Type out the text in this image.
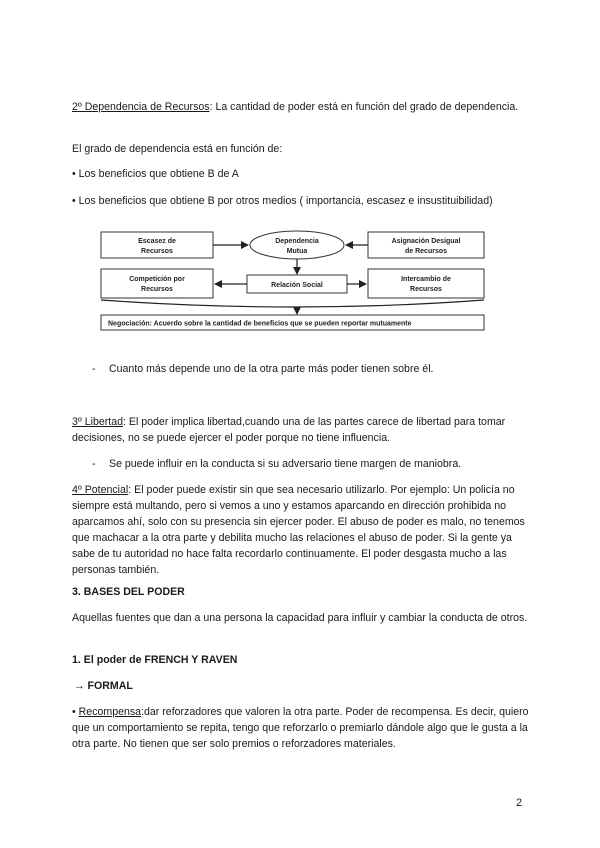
2º Dependencia de Recursos: La cantidad de poder está en función del grado de dependencia.

El grado de dependencia está en función de:

• Los beneficios que obtiene B de A

• Los beneficios que obtiene B por otros medios ( importancia, escasez e insustituibilidad)

Escasez de
Recursos
Dependencia
Mutua
Asignación Desigual
de Recursos
Competición por
Recursos
Relación Social
Intercambio de
Recursos
Negociación: Acuerdo sobre la cantidad de beneficios que se pueden reportar mutuamente
- Cuanto más depende uno de la otra parte más poder tienen sobre él.

3º Libertad: El poder implica libertad,cuando una de las partes carece de libertad para tomar decisiones, no se puede ejercer el poder porque no tiene influencia.

- Se puede influir en la conducta si su adversario tiene margen de maniobra.

4º Potencial: El poder puede existir sin que sea necesario utilizarlo. Por ejemplo: Un policía no siempre está multando, pero si vemos a uno y estamos aparcando en dirección prohibida no aparcamos ahí, solo con su presencia sin ejercer poder. El abuso de poder es malo, no tenemos que machacar a la otra parte y debilita mucho las relaciones el abuso de poder. Si la gente ya sabe de tu autoridad no hace falta recordarlo continuamente. El poder desgasta mucho a las personas también.

3. BASES DEL PODER

Aquellas fuentes que dan a una persona la capacidad para influir y cambiar la conducta de otros.

1. El poder de FRENCH Y RAVEN

→ FORMAL

• Recompensa:dar reforzadores que valoren la otra parte. Poder de recompensa. Es decir, quiero que un comportamiento se repita, tengo que reforzarlo o premiarlo dándole algo que le gusta a la otra parte. No tienen que ser solo premios o reforzadores materiales.

2
